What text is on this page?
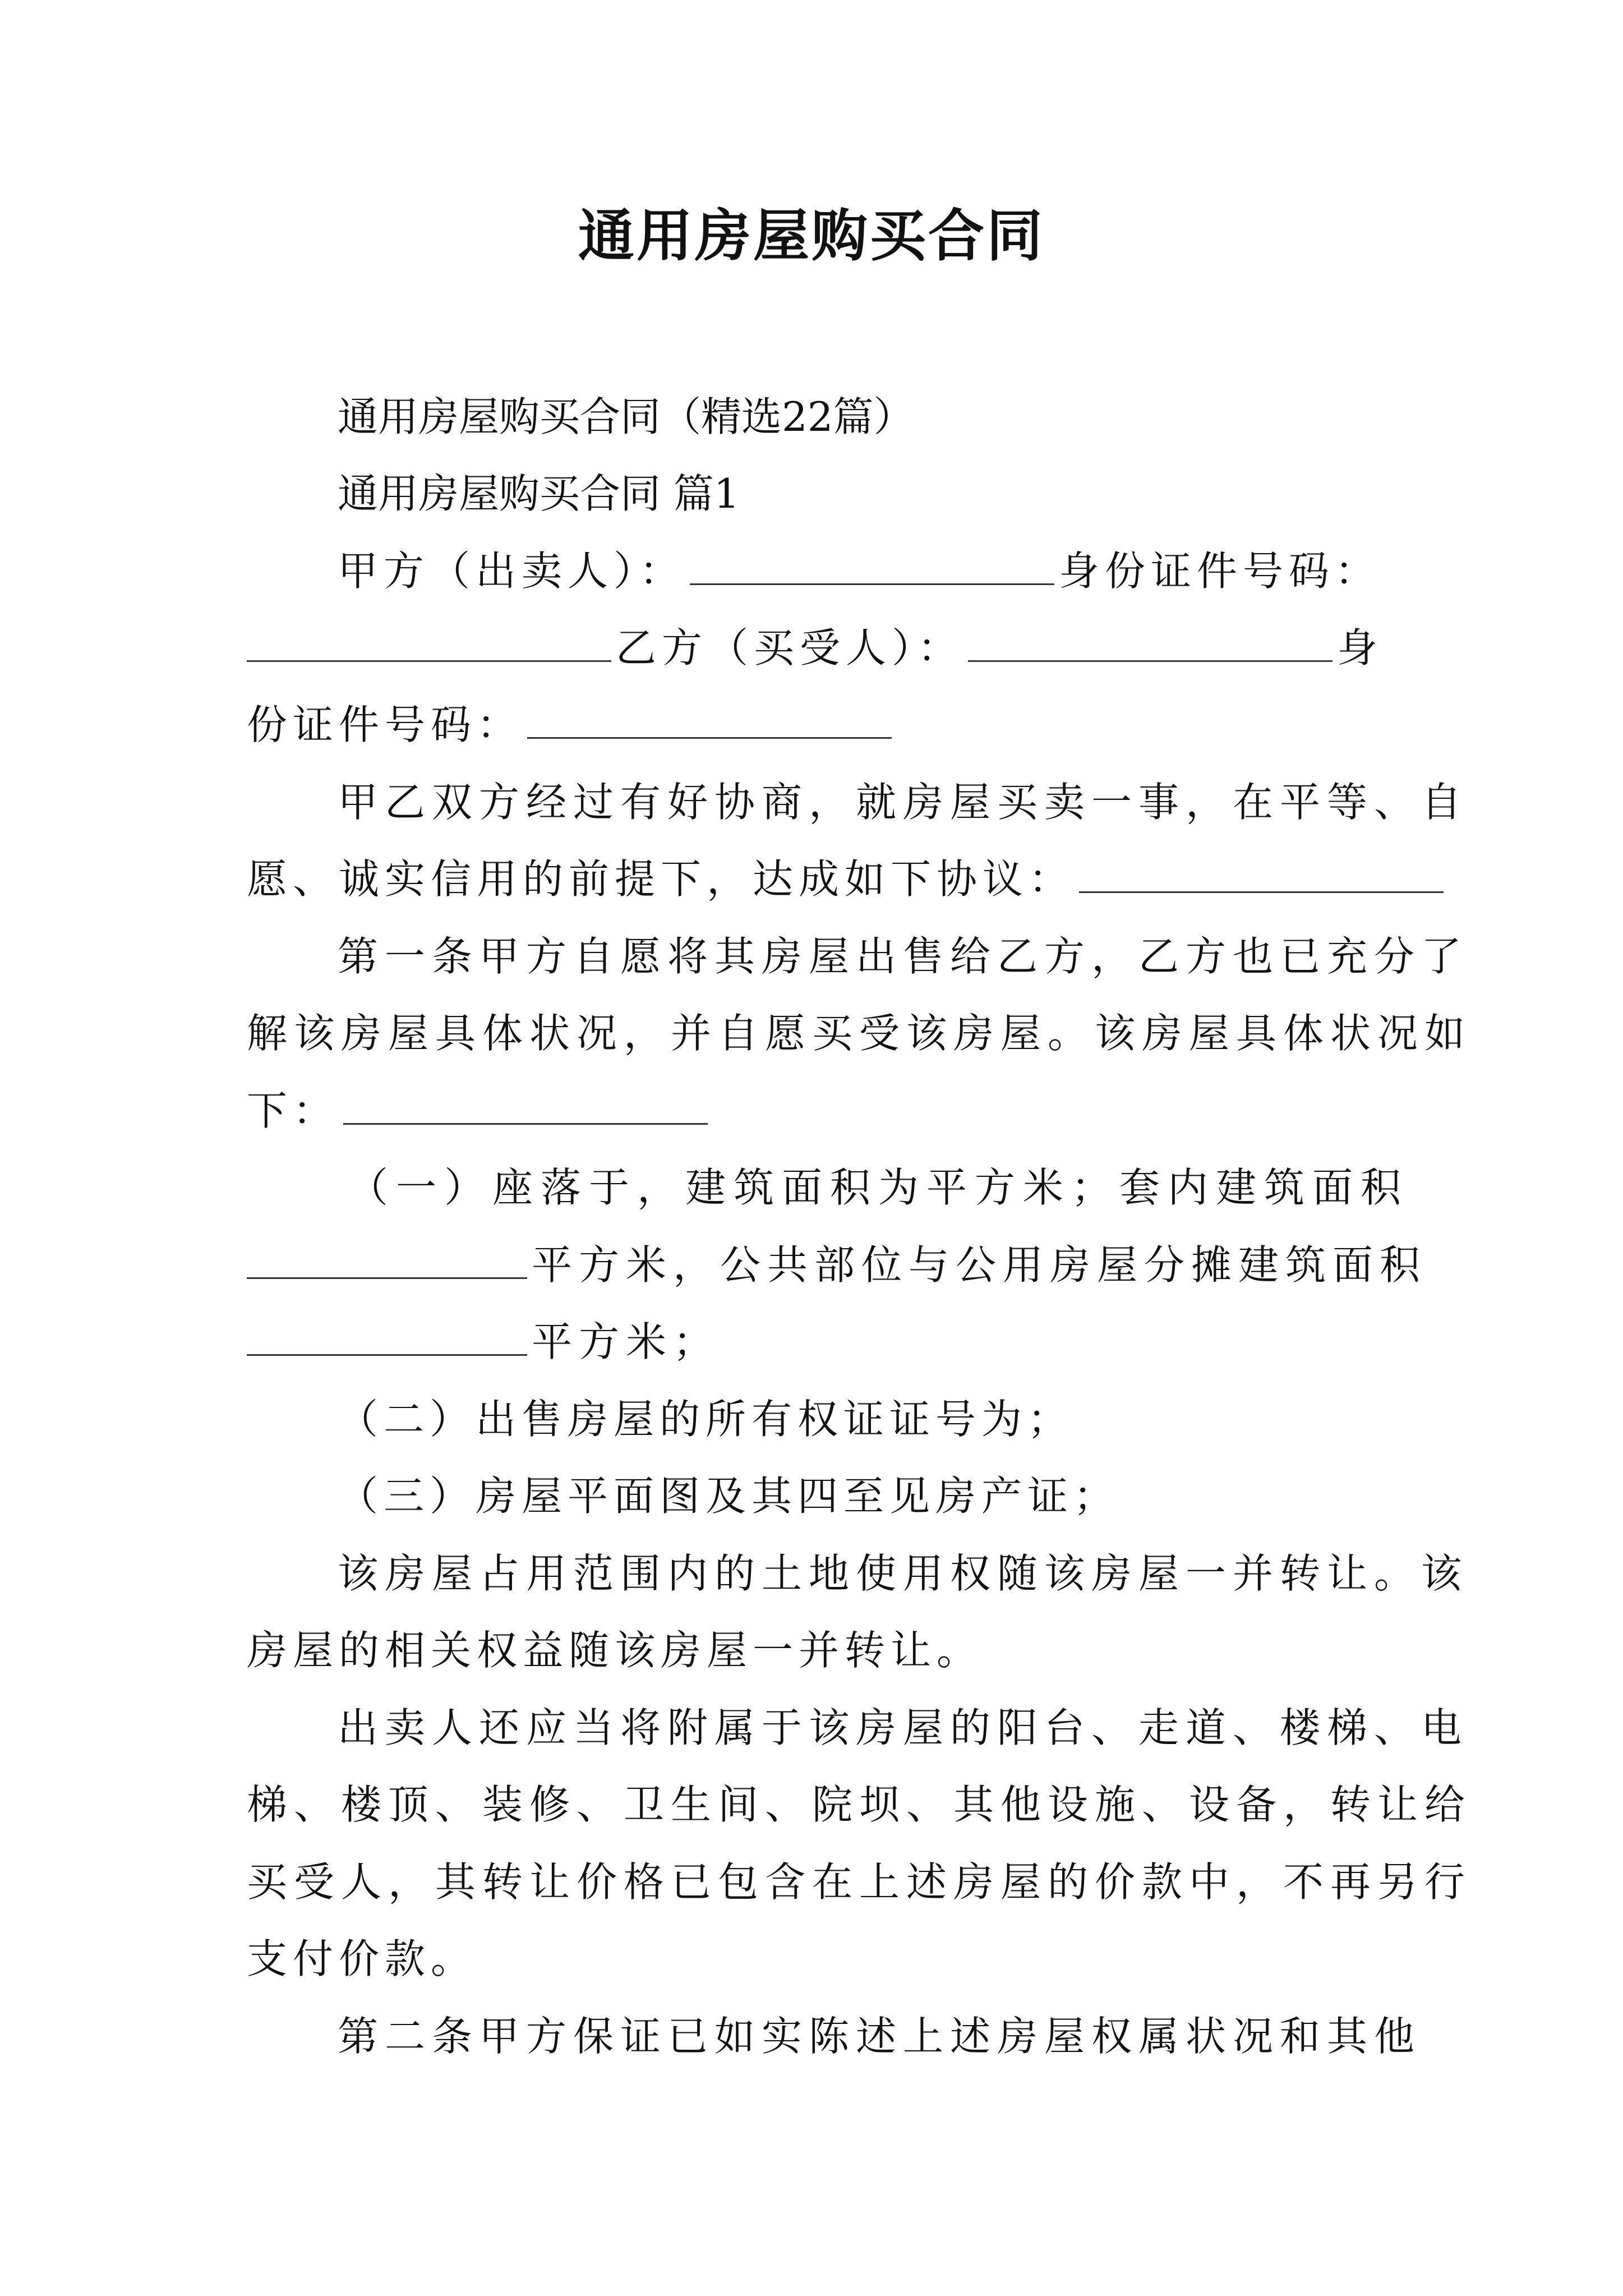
通用房屋购买合同

通用房屋购买合同（精选22篇）

通用房屋购买合同 篇1

甲方（出卖人）：	身份证件号码：

乙方（买受人）：	身

份证件号码：

甲乙双方经过有好协商，就房屋买卖一事，在平等、自

愿、诚实信用的前提下，达成如下协议：

第一条甲方自愿将其房屋出售给乙方，乙方也已充分了

解该房屋具体状况，并自愿买受该房屋。该房屋具体状况如

下：

（一）座落于，建筑面积为平方米；套内建筑面积

平方米，公共部位与公用房屋分摊建筑面积

平方米；

（二）出售房屋的所有权证证号为；

（三）房屋平面图及其四至见房产证；

该房屋占用范围内的土地使用权随该房屋一并转让。该

房屋的相关权益随该房屋一并转让。

出卖人还应当将附属于该房屋的阳台、走道、楼梯、电

梯、楼顶、装修、卫生间、院坝、其他设施、设备，转让给

买受人，其转让价格已包含在上述房屋的价款中，不再另行

支付价款。

第二条甲方保证已如实陈述上述房屋权属状况和其他
